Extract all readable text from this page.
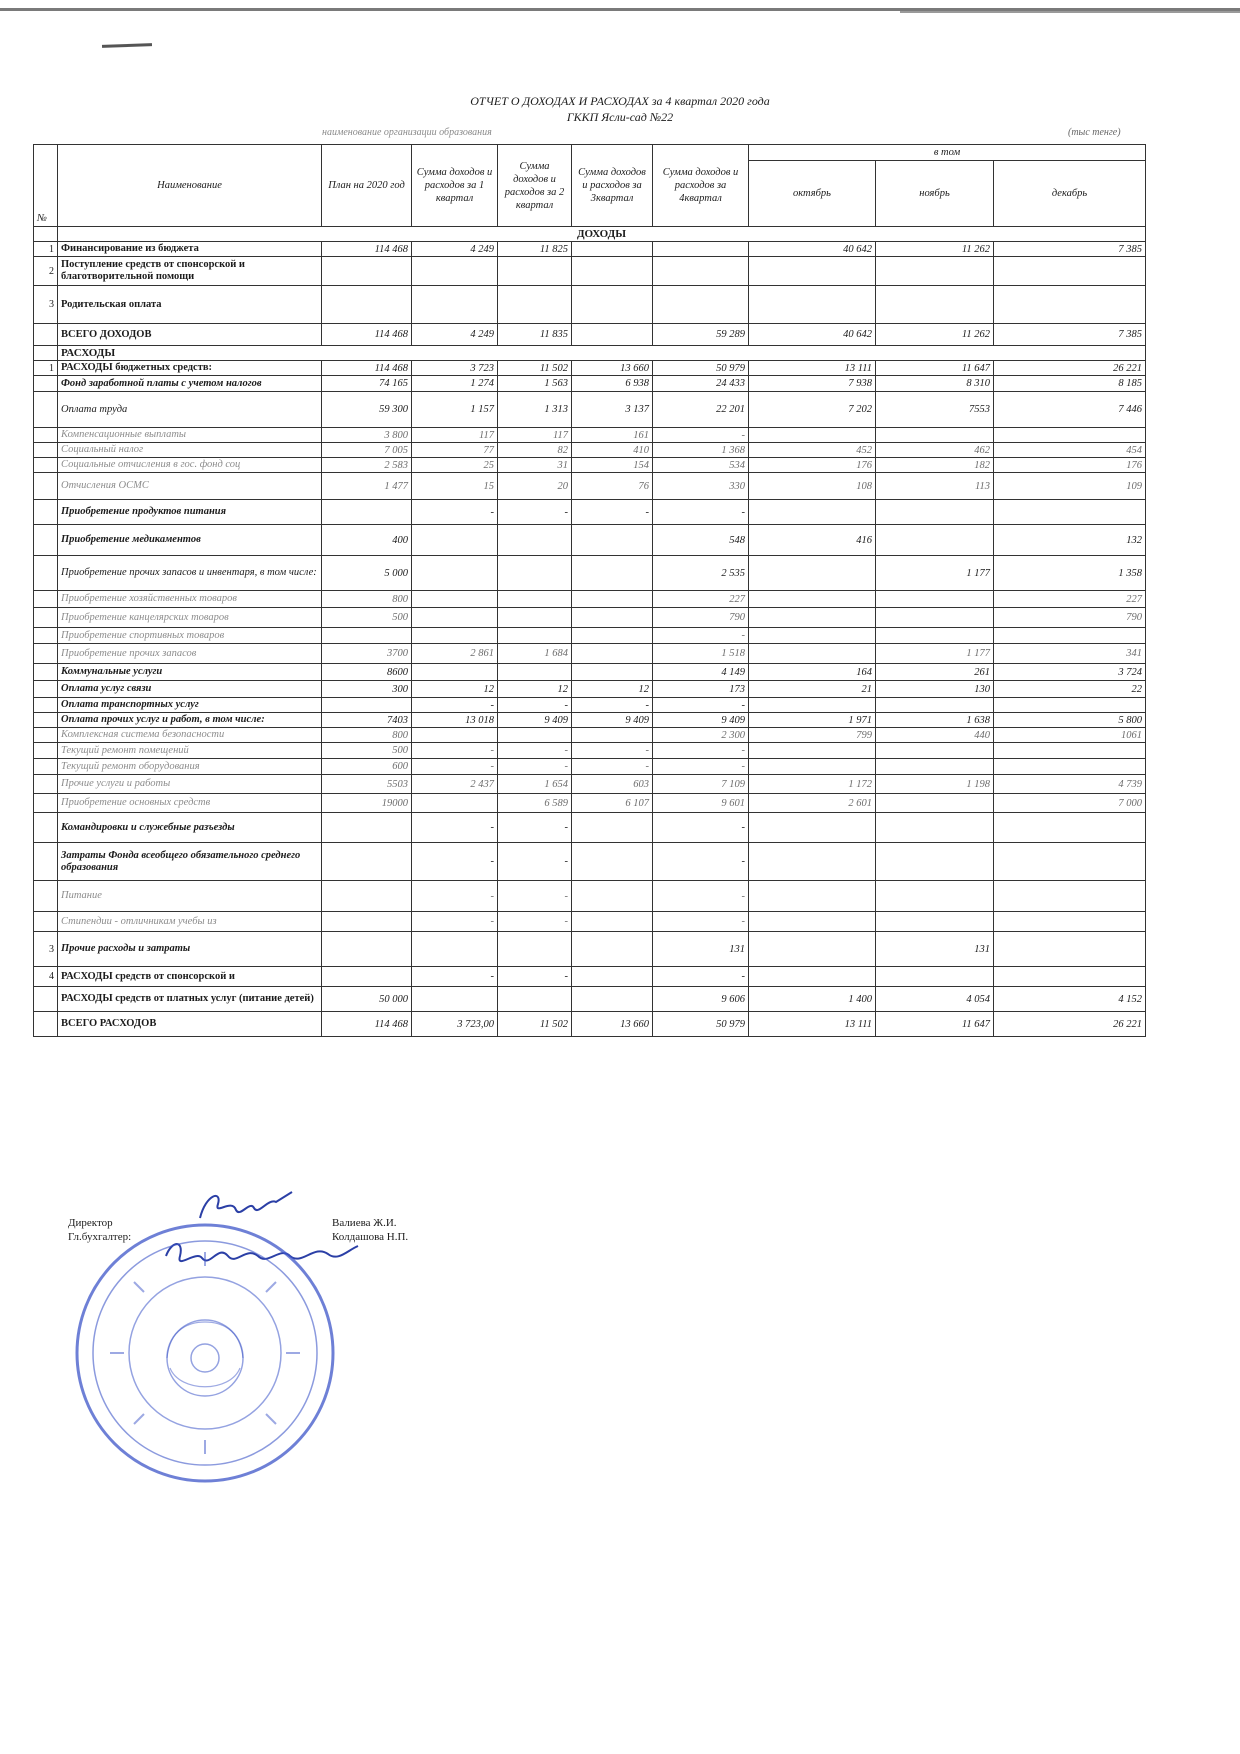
ОТЧЕТ О ДОХОДАХ И РАСХОДАХ за 4 квартал 2020 года
ГККП Ясли-сад №22
наименование организации образования	(тыс тенге)
№	Наименование	План на 2020 год	Сумма доходов и расходов за 1 квартал	Сумма доходов и расходов за 2 квартал	Сумма доходов и расходов за 3квартал	Сумма доходов и расходов за 4квартал	в том		
							октябрь	ноябрь	декабрь
	ДОХОДЫ								
1	Финансирование из бюджета	114 468	4 249	11 825			40 642	11 262	7 385
2	Поступление средств от спонсорской и благотворительной помощи								
3	Родительская оплата								
	ВСЕГО ДОХОДОВ	114 468	4 249	11 835		59 289	40 642	11 262	7 385
	РАСХОДЫ								
1	РАСХОДЫ бюджетных средств:	114 468	3 723	11 502	13 660	50 979	13 111	11 647	26 221
	Фонд заработной платы с учетом налогов	74 165	1 274	1 563	6 938	24 433	7 938	8 310	8 185
	Оплата труда	59 300	1 157	1 313	3 137	22 201	7 202	7553	7 446
	Компенсационные выплаты	3 800	117	117	161	-			
	Социальный налог	7 005	77	82	410	1 368	452	462	454
	Социальные отчисления в гос. фонд соц	2 583	25	31	154	534	176	182	176
	Отчисления ОСМС	1 477	15	20	76	330	108	113	109
	Приобретение продуктов питания		-	-	-	-			
	Приобретение медикаментов	400				548	416		132
	Приобретение прочих запасов и инвентаря, в том числе:	5 000				2 535		1 177	1 358
	Приобретение хозяйственных товаров	800				227			227
	Приобретение канцелярских товаров	500				790			790
	Приобретение спортивных товаров					-			
	Приобретение прочих запасов	3700	2 861	1 684		1 518		1 177	341
	Коммунальные услуги	8600				4 149	164	261	3 724
	Оплата услуг связи	300	12	12	12	173	21	130	22
	Оплата транспортных услуг		-	-	-	-			
	Оплата прочих услуг и работ, в том числе:	7403	13 018	9 409	9 409	9 409	1 971	1 638	5 800
	Комплексная система безопасности	800				2 300	799	440	1061
	Текущий ремонт помещений	500	-	-	-	-			
	Текущий ремонт оборудования	600	-	-	-	-			
	Прочие услуги и работы	5503	2 437	1 654	603	7 109	1 172	1 198	4 739
	Приобретение основных средств	19000		6 589	6 107	9 601	2 601		7 000
	Командировки и служебные разъезды		-	-		-			
	Затраты Фонда всеобщего обязательного среднего образования		-	-		-			
	Питание		-	-		-			
	Стипендии - отличникам учебы из		-	-		-			
3	Прочие расходы и затраты					131		131	
4	РАСХОДЫ средств от спонсорской и		-	-		-			
	РАСХОДЫ средств от платных услуг (питание детей)	50 000				9 606	1 400	4 054	4 152
	ВСЕГО РАСХОДОВ	114 468	3 723,00	11 502	13 660	50 979	13 111	11 647	26 221
Директор
Гл.бухгалтер:
Валиева Ж.И.
Колдашова Н.П.
